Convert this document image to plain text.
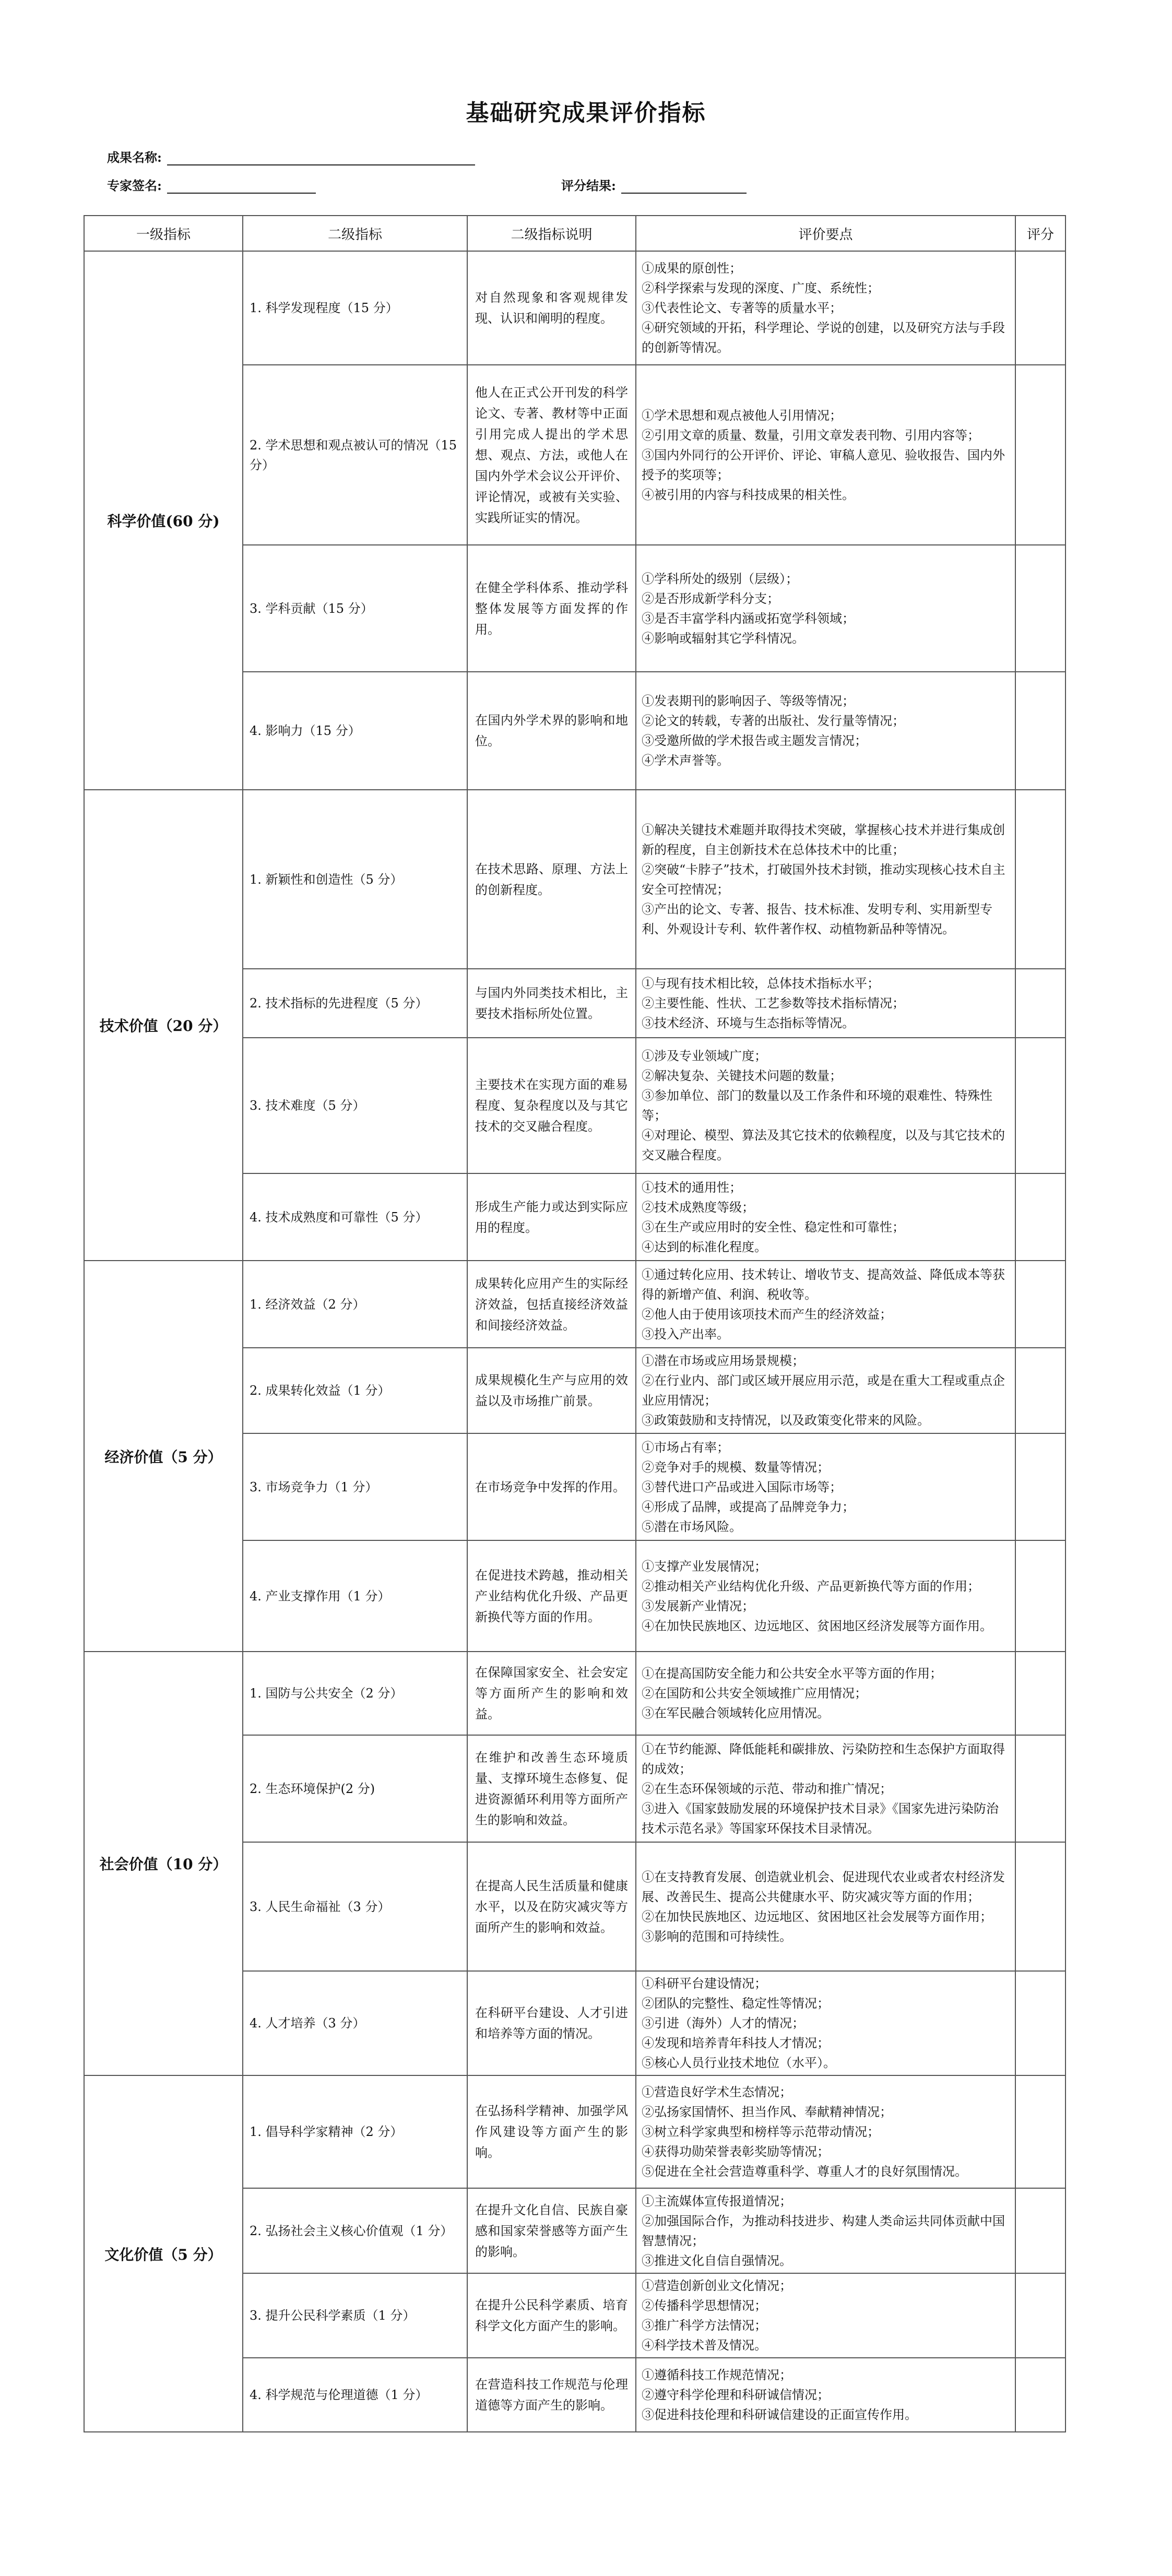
基础研究成果评价指标
成果名称:
专家签名:	评分结果:
一级指标	二级指标	二级指标说明	评价要点	评分
科学价值(60 分)	1. 科学发现程度（15 分）	对自然现象和客观规律发现、认识和阐明的程度。	①成果的原创性；
②科学探索与发现的深度、广度、系统性；
③代表性论文、专著等的质量水平；
④研究领域的开拓，科学理论、学说的创建，以及研究方法与手段的创新等情况。	

	2. 学术思想和观点被认可的情况（15 分）	他人在正式公开刊发的科学论文、专著、教材等中正面引用完成人提出的学术思想、观点、方法，或他人在国内外学术会议公开评价、评论情况，或被有关实验、实践所证实的情况。	①学术思想和观点被他人引用情况；
②引用文章的质量、数量，引用文章发表刊物、引用内容等；
③国内外同行的公开评价、评论、审稿人意见、验收报告、国内外授予的奖项等；
④被引用的内容与科技成果的相关性。	

	3. 学科贡献（15 分）	在健全学科体系、推动学科整体发展等方面发挥的作用。	①学科所处的级别（层级）；
②是否形成新学科分支；
③是否丰富学科内涵或拓宽学科领域；
④影响或辐射其它学科情况。	

	4. 影响力（15 分）	在国内外学术界的影响和地位。	①发表期刊的影响因子、等级等情况；
②论文的转载，专著的出版社、发行量等情况；
③受邀所做的学术报告或主题发言情况；
④学术声誉等。	

技术价值（20 分）	1. 新颖性和创造性（5 分）	在技术思路、原理、方法上的创新程度。	①解决关键技术难题并取得技术突破，掌握核心技术并进行集成创新的程度，自主创新技术在总体技术中的比重；
②突破“卡脖子”技术，打破国外技术封锁，推动实现核心技术自主安全可控情况；
③产出的论文、专著、报告、技术标准、发明专利、实用新型专利、外观设计专利、软件著作权、动植物新品种等情况。	

	2. 技术指标的先进程度（5 分）	与国内外同类技术相比，主要技术指标所处位置。	①与现有技术相比较，总体技术指标水平；
②主要性能、性状、工艺参数等技术指标情况；
③技术经济、环境与生态指标等情况。	

	3. 技术难度（5 分）	主要技术在实现方面的难易程度、复杂程度以及与其它技术的交叉融合程度。	①涉及专业领域广度；
②解决复杂、关键技术问题的数量；
③参加单位、部门的数量以及工作条件和环境的艰难性、特殊性等；
④对理论、模型、算法及其它技术的依赖程度，以及与其它技术的交叉融合程度。	

	4. 技术成熟度和可靠性（5 分）	形成生产能力或达到实际应用的程度。	①技术的通用性；
②技术成熟度等级；
③在生产或应用时的安全性、稳定性和可靠性；
④达到的标准化程度。	

经济价值（5 分）	1. 经济效益（2 分）	成果转化应用产生的实际经济效益，包括直接经济效益和间接经济效益。	①通过转化应用、技术转让、增收节支、提高效益、降低成本等获得的新增产值、利润、税收等。
②他人由于使用该项技术而产生的经济效益；
③投入产出率。	

	2. 成果转化效益（1 分）	成果规模化生产与应用的效益以及市场推广前景。	①潜在市场或应用场景规模；
②在行业内、部门或区域开展应用示范，或是在重大工程或重点企业应用情况；
③政策鼓励和支持情况，以及政策变化带来的风险。	

	3. 市场竞争力（1 分）	在市场竞争中发挥的作用。	①市场占有率；
②竞争对手的规模、数量等情况；
③替代进口产品或进入国际市场等；
④形成了品牌，或提高了品牌竞争力；
⑤潜在市场风险。	

	4. 产业支撑作用（1 分）	在促进技术跨越，推动相关产业结构优化升级、产品更新换代等方面的作用。	①支撑产业发展情况；
②推动相关产业结构优化升级、产品更新换代等方面的作用；
③发展新产业情况；
④在加快民族地区、边远地区、贫困地区经济发展等方面作用。	

社会价值（10 分）	1. 国防与公共安全（2 分）	在保障国家安全、社会安定等方面所产生的影响和效益。	①在提高国防安全能力和公共安全水平等方面的作用；
②在国防和公共安全领域推广应用情况；
③在军民融合领域转化应用情况。	

	2. 生态环境保护(2 分)	在维护和改善生态环境质量、支撑环境生态修复、促进资源循环利用等方面所产生的影响和效益。	①在节约能源、降低能耗和碳排放、污染防控和生态保护方面取得的成效；
②在生态环保领域的示范、带动和推广情况；
③进入《国家鼓励发展的环境保护技术目录》《国家先进污染防治技术示范名录》等国家环保技术目录情况。	

	3. 人民生命福祉（3 分）	在提高人民生活质量和健康水平，以及在防灾减灾等方面所产生的影响和效益。	①在支持教育发展、创造就业机会、促进现代农业或者农村经济发展、改善民生、提高公共健康水平、防灾减灾等方面的作用；
②在加快民族地区、边远地区、贫困地区社会发展等方面作用；
③影响的范围和可持续性。	

	4. 人才培养（3 分）	在科研平台建设、人才引进和培养等方面的情况。	①科研平台建设情况；
②团队的完整性、稳定性等情况；
③引进（海外）人才的情况；
④发现和培养青年科技人才情况；
⑤核心人员行业技术地位（水平）。	

文化价值（5 分）	1. 倡导科学家精神（2 分）	在弘扬科学精神、加强学风作风建设等方面产生的影响。	①营造良好学术生态情况；
②弘扬家国情怀、担当作风、奉献精神情况；
③树立科学家典型和榜样等示范带动情况；
④获得功勋荣誉表彰奖励等情况；
⑤促进在全社会营造尊重科学、尊重人才的良好氛围情况。	

	2. 弘扬社会主义核心价值观（1 分）	在提升文化自信、民族自豪感和国家荣誉感等方面产生的影响。	①主流媒体宣传报道情况；
②加强国际合作，为推动科技进步、构建人类命运共同体贡献中国智慧情况；
③推进文化自信自强情况。	

	3. 提升公民科学素质（1 分）	在提升公民科学素质、培育科学文化方面产生的影响。	①营造创新创业文化情况；
②传播科学思想情况；
③推广科学方法情况；
④科学技术普及情况。	

	4. 科学规范与伦理道德（1 分）	在营造科技工作规范与伦理道德等方面产生的影响。	①遵循科技工作规范情况；
②遵守科学伦理和科研诚信情况；
③促进科技伦理和科研诚信建设的正面宣传作用。	
